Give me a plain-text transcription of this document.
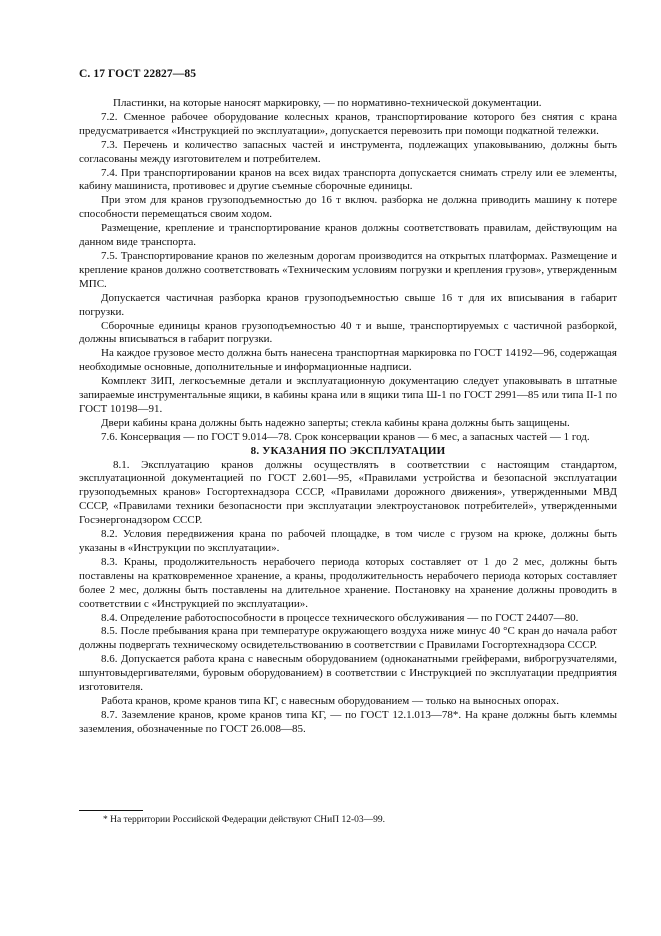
С. 17 ГОСТ 22827—85

Пластинки, на которые наносят маркировку, — по нормативно-технической документации.

7.2. Сменное рабочее оборудование колесных кранов, транспортирование которого без снятия с крана предусматривается «Инструкцией по эксплуатации», допускается перевозить при помощи подкатной тележки.

7.3. Перечень и количество запасных частей и инструмента, подлежащих упаковыванию, должны быть согласованы между изготовителем и потребителем.

7.4. При транспортировании кранов на всех видах транспорта допускается снимать стрелу или ее элементы, кабину машиниста, противовес и другие съемные сборочные единицы.

При этом для кранов грузоподъемностью до 16 т включ. разборка не должна приводить машину к потере способности перемещаться своим ходом.

Размещение, крепление и транспортирование кранов должны соответствовать правилам, действующим на данном виде транспорта.

7.5. Транспортирование кранов по железным дорогам производится на открытых платформах. Размещение и крепление кранов должно соответствовать «Техническим условиям погрузки и крепления грузов», утвержденным МПС.

Допускается частичная разборка кранов грузоподъемностью свыше 16 т для их вписывания в габарит погрузки.

Сборочные единицы кранов грузоподъемностью 40 т и выше, транспортируемых с частичной разборкой, должны вписываться в габарит погрузки.

На каждое грузовое место должна быть нанесена транспортная маркировка по ГОСТ 14192—96, содержащая необходимые основные, дополнительные и информационные надписи.

Комплект ЗИП, легкосъемные детали и эксплуатационную документацию следует упаковывать в штатные запираемые инструментальные ящики, в кабины крана или в ящики типа Ш-1 по ГОСТ 2991—85 или типа II-1 по ГОСТ 10198—91.

Двери кабины крана должны быть надежно заперты; стекла кабины крана должны быть защищены.

7.6. Консервация — по ГОСТ 9.014—78. Срок консервации кранов — 6 мес, а запасных частей — 1 год.

8. УКАЗАНИЯ ПО ЭКСПЛУАТАЦИИ

8.1. Эксплуатацию кранов должны осуществлять в соответствии с настоящим стандартом, эксплуатационной документацией по ГОСТ 2.601—95, «Правилами устройства и безопасной эксплуатации грузоподъемных кранов» Госгортехнадзора СССР, «Правилами дорожного движения», утвержденными МВД СССР, «Правилами техники безопасности при эксплуатации электроустановок потребителей», утвержденными Госэнергонадзором СССР.

8.2. Условия передвижения крана по рабочей площадке, в том числе с грузом на крюке, должны быть указаны в «Инструкции по эксплуатации».

8.3. Краны, продолжительность нерабочего периода которых составляет от 1 до 2 мес, должны быть поставлены на кратковременное хранение, а краны, продолжительность нерабочего периода которых составляет более 2 мес, должны быть поставлены на длительное хранение. Постановку на хранение должны проводить в соответствии с «Инструкцией по эксплуатации».

8.4. Определение работоспособности в процессе технического обслуживания — по ГОСТ 24407—80.

8.5. После пребывания крана при температуре окружающего воздуха ниже минус 40 °С кран до начала работ должны подвергать техническому освидетельствованию в соответствии с Правилами Госгортехнадзора СССР.

8.6. Допускается работа крана с навесным оборудованием (одноканатными грейферами, виброгрузчателями, шпунтовыдергивателями, буровым оборудованием) в соответствии с Инструкцией по эксплуатации предприятия изготовителя.

Работа кранов, кроме кранов типа КГ, с навесным оборудованием — только на выносных опорах.

8.7. Заземление кранов, кроме кранов типа КГ, — по ГОСТ 12.1.013—78*. На кране должны быть клеммы заземления, обозначенные по ГОСТ 26.008—85.

* На территории Российской Федерации действуют СНиП 12-03—99.
